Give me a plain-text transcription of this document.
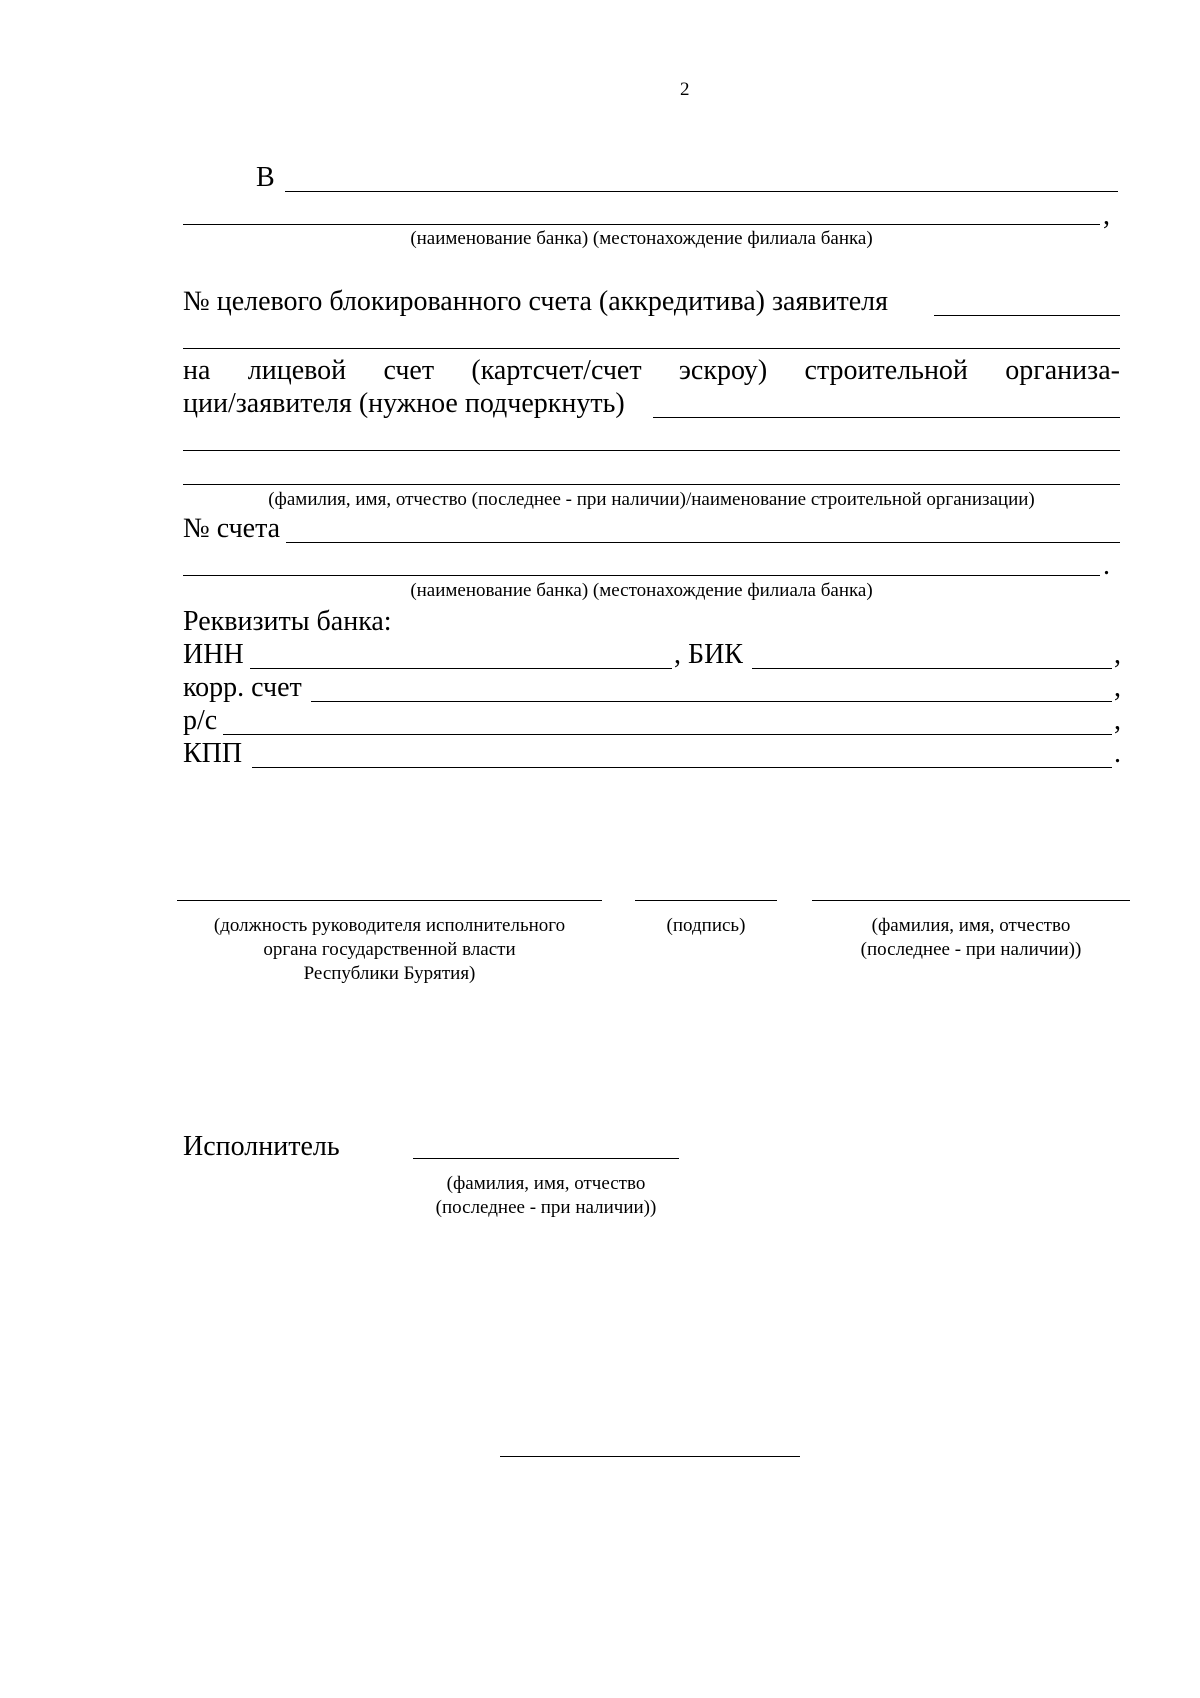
2
В
,
(наименование банка) (местонахождение филиала банка)
№ целевого блокированного счета (аккредитива) заявителя
на лицевой счет (картсчет/счет эскроу) строительной организа-
ции/заявителя (нужное подчеркнуть)
(фамилия, имя, отчество (последнее - при наличии)/наименование строительной организации)
№ счета
.
(наименование банка) (местонахождение филиала банка)
Реквизиты банка:
ИНН	, БИК	,
корр. счет	,
р/с	,
КПП	.
(должность руководителя исполнительного
органа государственной власти
Республики Бурятия)
(подпись)	(фамилия, имя, отчество
(последнее - при наличии))
Исполнитель
(фамилия, имя, отчество
(последнее - при наличии))
